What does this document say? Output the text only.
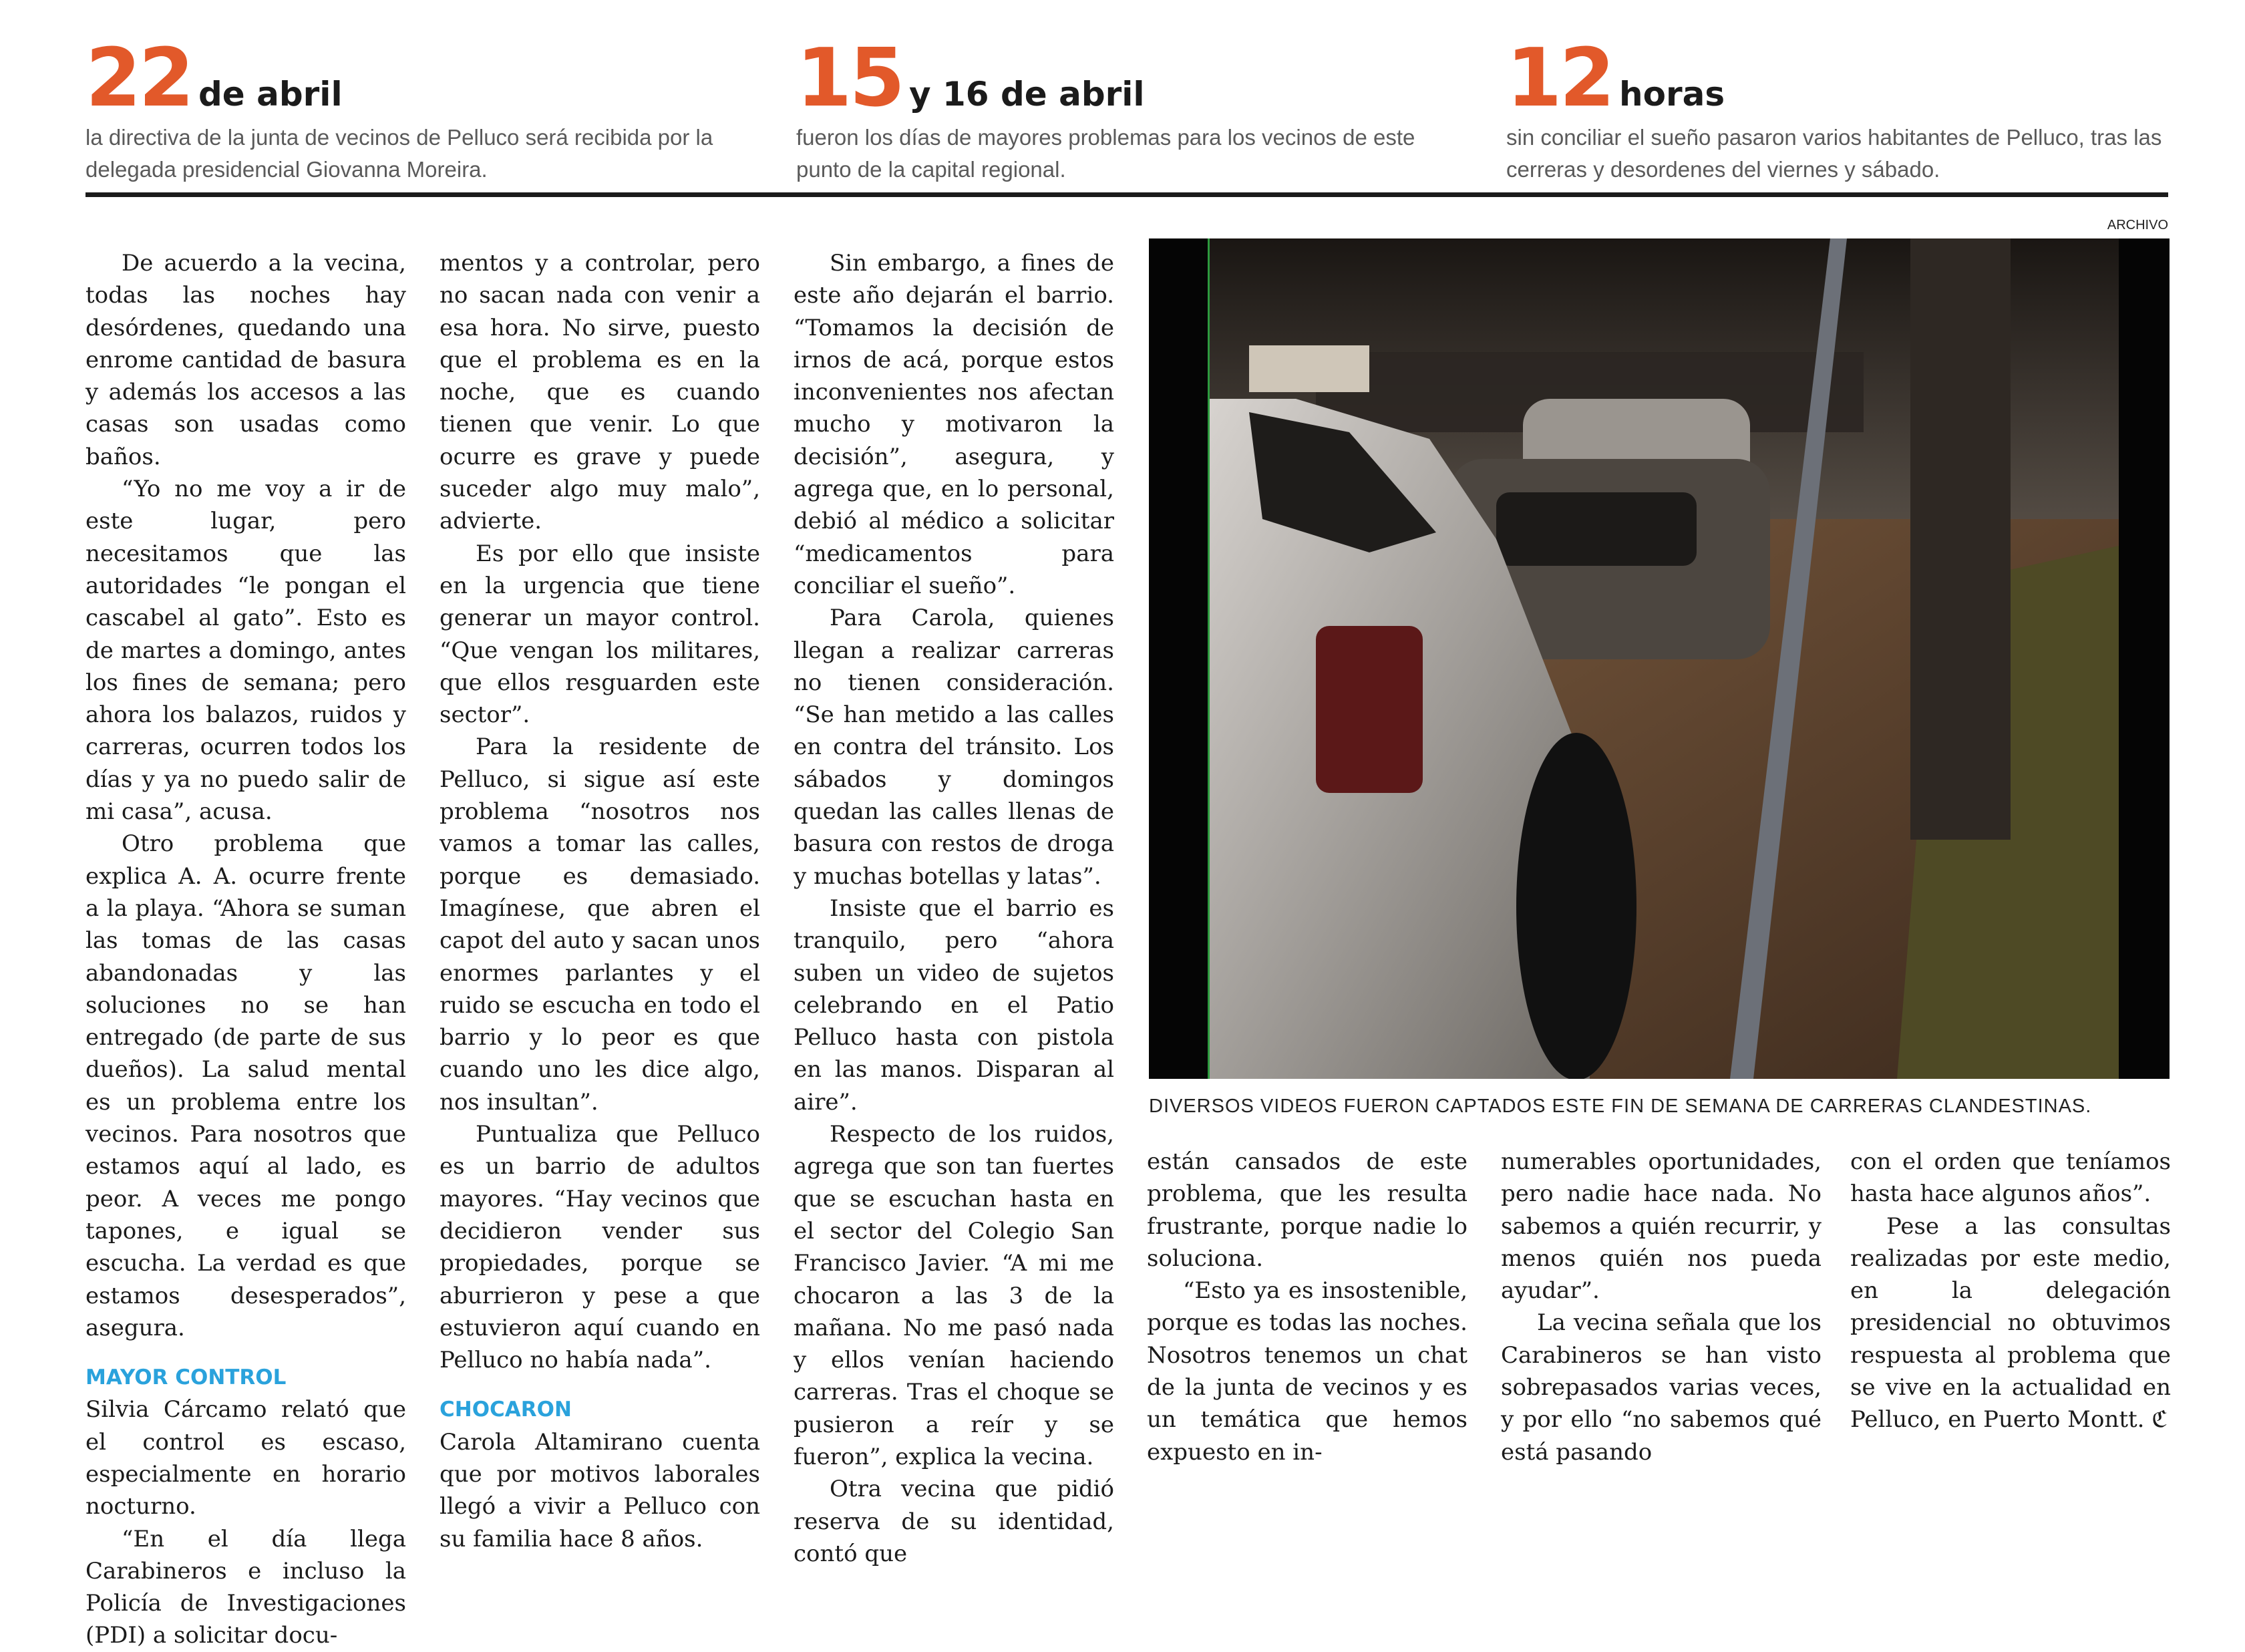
22 de abril
la directiva de la junta de vecinos de Pelluco será recibida por la delegada presidencial Giovanna Moreira.
15 y 16 de abril
fueron los días de mayores problemas para los vecinos de este punto de la capital regional.
12 horas
sin conciliar el sueño pasaron varios habitantes de Pelluco, tras las cerreras y desordenes del viernes y sábado.
ARCHIVO

De acuerdo a la vecina, todas las noches hay desórdenes, quedando una enrome cantidad de basura y además los accesos a las casas son usadas como baños.

“Yo no me voy a ir de este lugar, pero necesitamos que las autoridades “le pongan el cascabel al gato”. Esto es de martes a domingo, antes los fines de semana; pero ahora los balazos, ruidos y carreras, ocurren todos los días y ya no puedo salir de mi casa”, acusa.

Otro problema que explica A. A. ocurre frente a la playa. “Ahora se suman las tomas de las casas abandonadas y las soluciones no se han entregado (de parte de sus dueños). La salud mental es un problema entre los vecinos. Para nosotros que estamos aquí al lado, es peor. A veces me pongo tapones, e igual se escucha. La verdad es que estamos desesperados”, asegura.

MAYOR CONTROL

Silvia Cárcamo relató que el control es escaso, especialmente en horario nocturno.

“En el día llega Carabineros e incluso la Policía de Investigaciones (PDI) a solicitar docu-

mentos y a controlar, pero no sacan nada con venir a esa hora. No sirve, puesto que el problema es en la noche, que es cuando tienen que venir. Lo que ocurre es grave y puede suceder algo muy malo”, advierte.

Es por ello que insiste en la urgencia que tiene generar un mayor control. “Que vengan los militares, que ellos resguarden este sector”.

Para la residente de Pelluco, si sigue así este problema “nosotros nos vamos a tomar las calles, porque es demasiado. Imagínese, que abren el capot del auto y sacan unos enormes parlantes y el ruido se escucha en todo el barrio y lo peor es que cuando uno les dice algo, nos insultan”.

Puntualiza que Pelluco es un barrio de adultos mayores. “Hay vecinos que decidieron vender sus propiedades, porque se aburrieron y pese a que estuvieron aquí cuando en Pelluco no había nada”.

CHOCARON

Carola Altamirano cuenta que por motivos laborales llegó a vivir a Pelluco con su familia hace 8 años.

Sin embargo, a fines de este año dejarán el barrio. “Tomamos la decisión de irnos de acá, porque estos inconvenientes nos afectan mucho y motivaron la decisión”, asegura, y agrega que, en lo personal, debió al médico a solicitar “medicamentos para conciliar el sueño”.

Para Carola, quienes llegan a realizar carreras no tienen consideración. “Se han metido a las calles en contra del tránsito. Los sábados y domingos quedan las calles llenas de basura con restos de droga y muchas botellas y latas”.

Insiste que el barrio es tranquilo, pero “ahora suben un video de sujetos celebrando en el Patio Pelluco hasta con pistola en las manos. Disparan al aire”.

Respecto de los ruidos, agrega que son tan fuertes que se escuchan hasta en el sector del Colegio San Francisco Javier. “A mi me chocaron a las 3 de la mañana. No me pasó nada y ellos venían haciendo carreras. Tras el choque se pusieron a reír y se fueron”, explica la vecina.

Otra vecina que pidió reserva de su identidad, contó que

DIVERSOS VIDEOS FUERON CAPTADOS ESTE FIN DE SEMANA DE CARRERAS CLANDESTINAS.

están cansados de este problema, que les resulta frustrante, porque nadie lo soluciona.

“Esto ya es insostenible, porque es todas las noches. Nosotros tenemos un chat de la junta de vecinos y es un temática que hemos expuesto en in-

numerables oportunidades, pero nadie hace nada. No sabemos a quién recurrir, y menos quién nos pueda ayudar”.

La vecina señala que los Carabineros se han visto sobrepasados varias veces, y por ello “no sabemos qué está pasando

con el orden que teníamos hasta hace algunos años”.

Pese a las consultas realizadas por este medio, en la delegación presidencial no obtuvimos respuesta al problema que se vive en la actualidad en Pelluco, en Puerto Montt. ℭ
